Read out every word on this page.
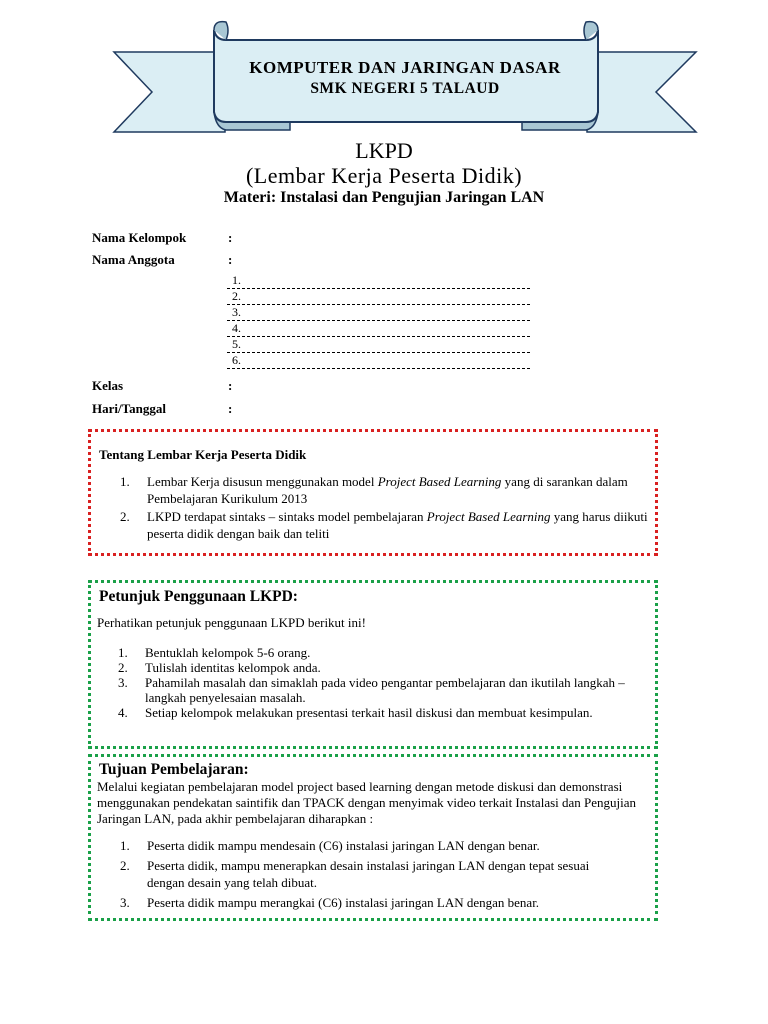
KOMPUTER DAN JARINGAN DASAR
SMK NEGERI 5 TALAUD
LKPD
(Lembar Kerja Peserta Didik)
Materi: Instalasi dan Pengujian Jaringan LAN
Nama Kelompok	:
Nama Anggota	:
1.
2.
3.
4.
5.
6.
Kelas	:
Hari/Tanggal	:
Tentang Lembar Kerja Peserta Didik
1. Lembar Kerja disusun menggunakan model Project Based Learning yang di sarankan dalam Pembelajaran Kurikulum 2013
2. LKPD terdapat sintaks – sintaks model pembelajaran Project Based Learning yang harus diikuti peserta didik dengan baik dan teliti
Petunjuk Penggunaan LKPD:
Perhatikan petunjuk penggunaan LKPD berikut ini!
1. Bentuklah kelompok 5-6 orang.
2. Tulislah identitas kelompok anda.
3. Pahamilah masalah dan simaklah pada video pengantar pembelajaran dan ikutilah langkah – langkah penyelesaian masalah.
4. Setiap kelompok melakukan presentasi terkait hasil diskusi dan membuat kesimpulan.
Tujuan Pembelajaran:
Melalui kegiatan pembelajaran model project based learning dengan metode diskusi dan demonstrasi menggunakan pendekatan saintifik dan TPACK dengan menyimak video terkait Instalasi dan Pengujian Jaringan LAN, pada akhir pembelajaran diharapkan :
1. Peserta didik mampu mendesain (C6) instalasi jaringan LAN dengan benar.
2. Peserta didik, mampu menerapkan desain instalasi jaringan LAN dengan tepat sesuai dengan desain yang telah dibuat.
3. Peserta didik mampu merangkai (C6) instalasi jaringan LAN dengan benar.
